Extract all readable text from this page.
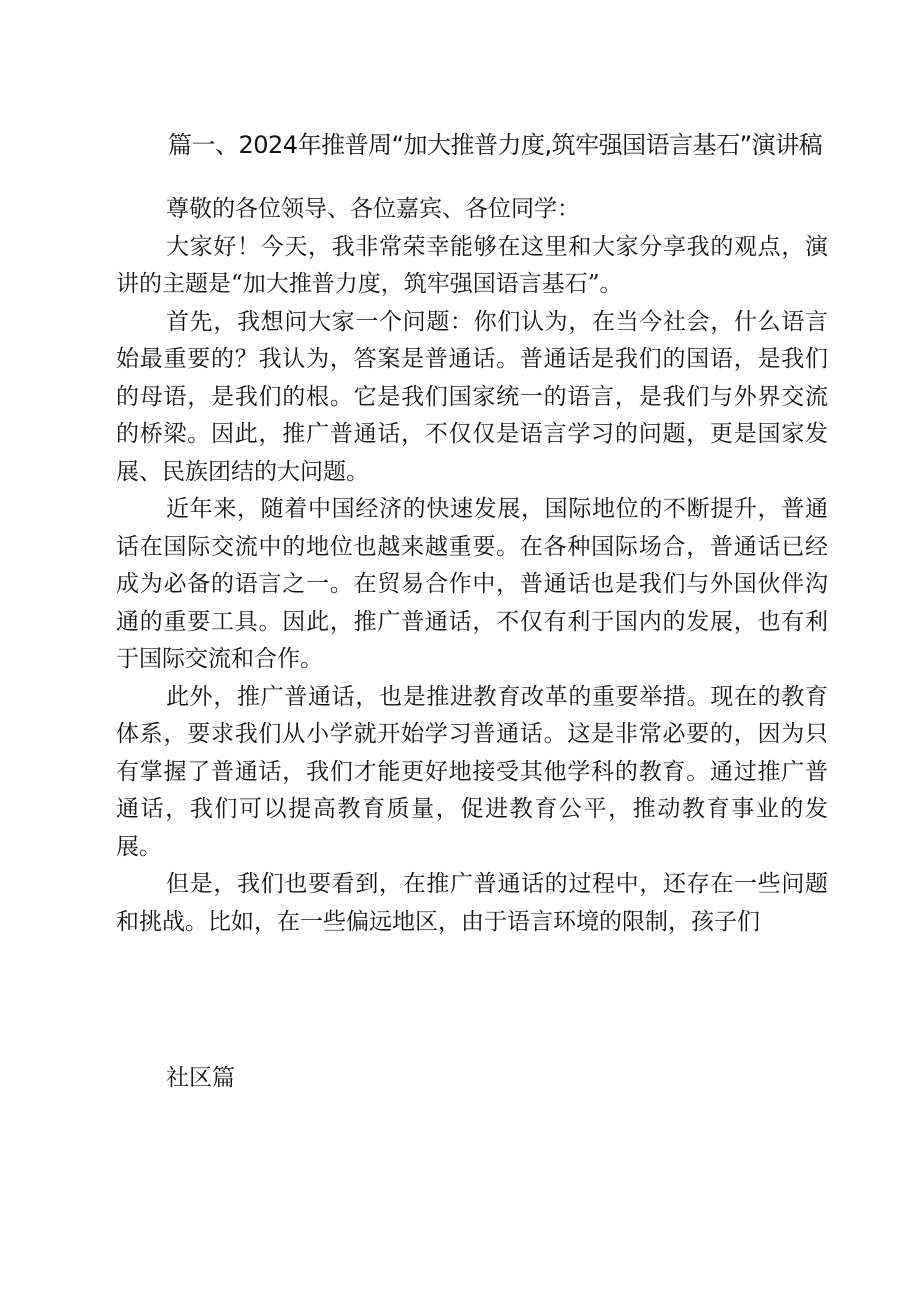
篇一、2024年推普周“加大推普力度,筑牢强国语言基石”演讲稿

尊敬的各位领导、各位嘉宾、各位同学：

大家好！今天，我非常荣幸能够在这里和大家分享我的观点，演讲的主题是“加大推普力度，筑牢强国语言基石”。

首先，我想问大家一个问题：你们认为，在当今社会，什么语言始最重要的？我认为，答案是普通话。普通话是我们的国语，是我们的母语，是我们的根。它是我们国家统一的语言，是我们与外界交流的桥梁。因此，推广普通话，不仅仅是语言学习的问题，更是国家发展、民族团结的大问题。

近年来，随着中国经济的快速发展，国际地位的不断提升，普通话在国际交流中的地位也越来越重要。在各种国际场合，普通话已经成为必备的语言之一。在贸易合作中，普通话也是我们与外国伙伴沟通的重要工具。因此，推广普通话，不仅有利于国内的发展，也有利于国际交流和合作。

此外，推广普通话，也是推进教育改革的重要举措。现在的教育体系，要求我们从小学就开始学习普通话。这是非常必要的，因为只有掌握了普通话，我们才能更好地接受其他学科的教育。通过推广普通话，我们可以提高教育质量，促进教育公平，推动教育事业的发展。

但是，我们也要看到，在推广普通话的过程中，还存在一些问题和挑战。比如，在一些偏远地区，由于语言环境的限制，孩子们

社区篇
